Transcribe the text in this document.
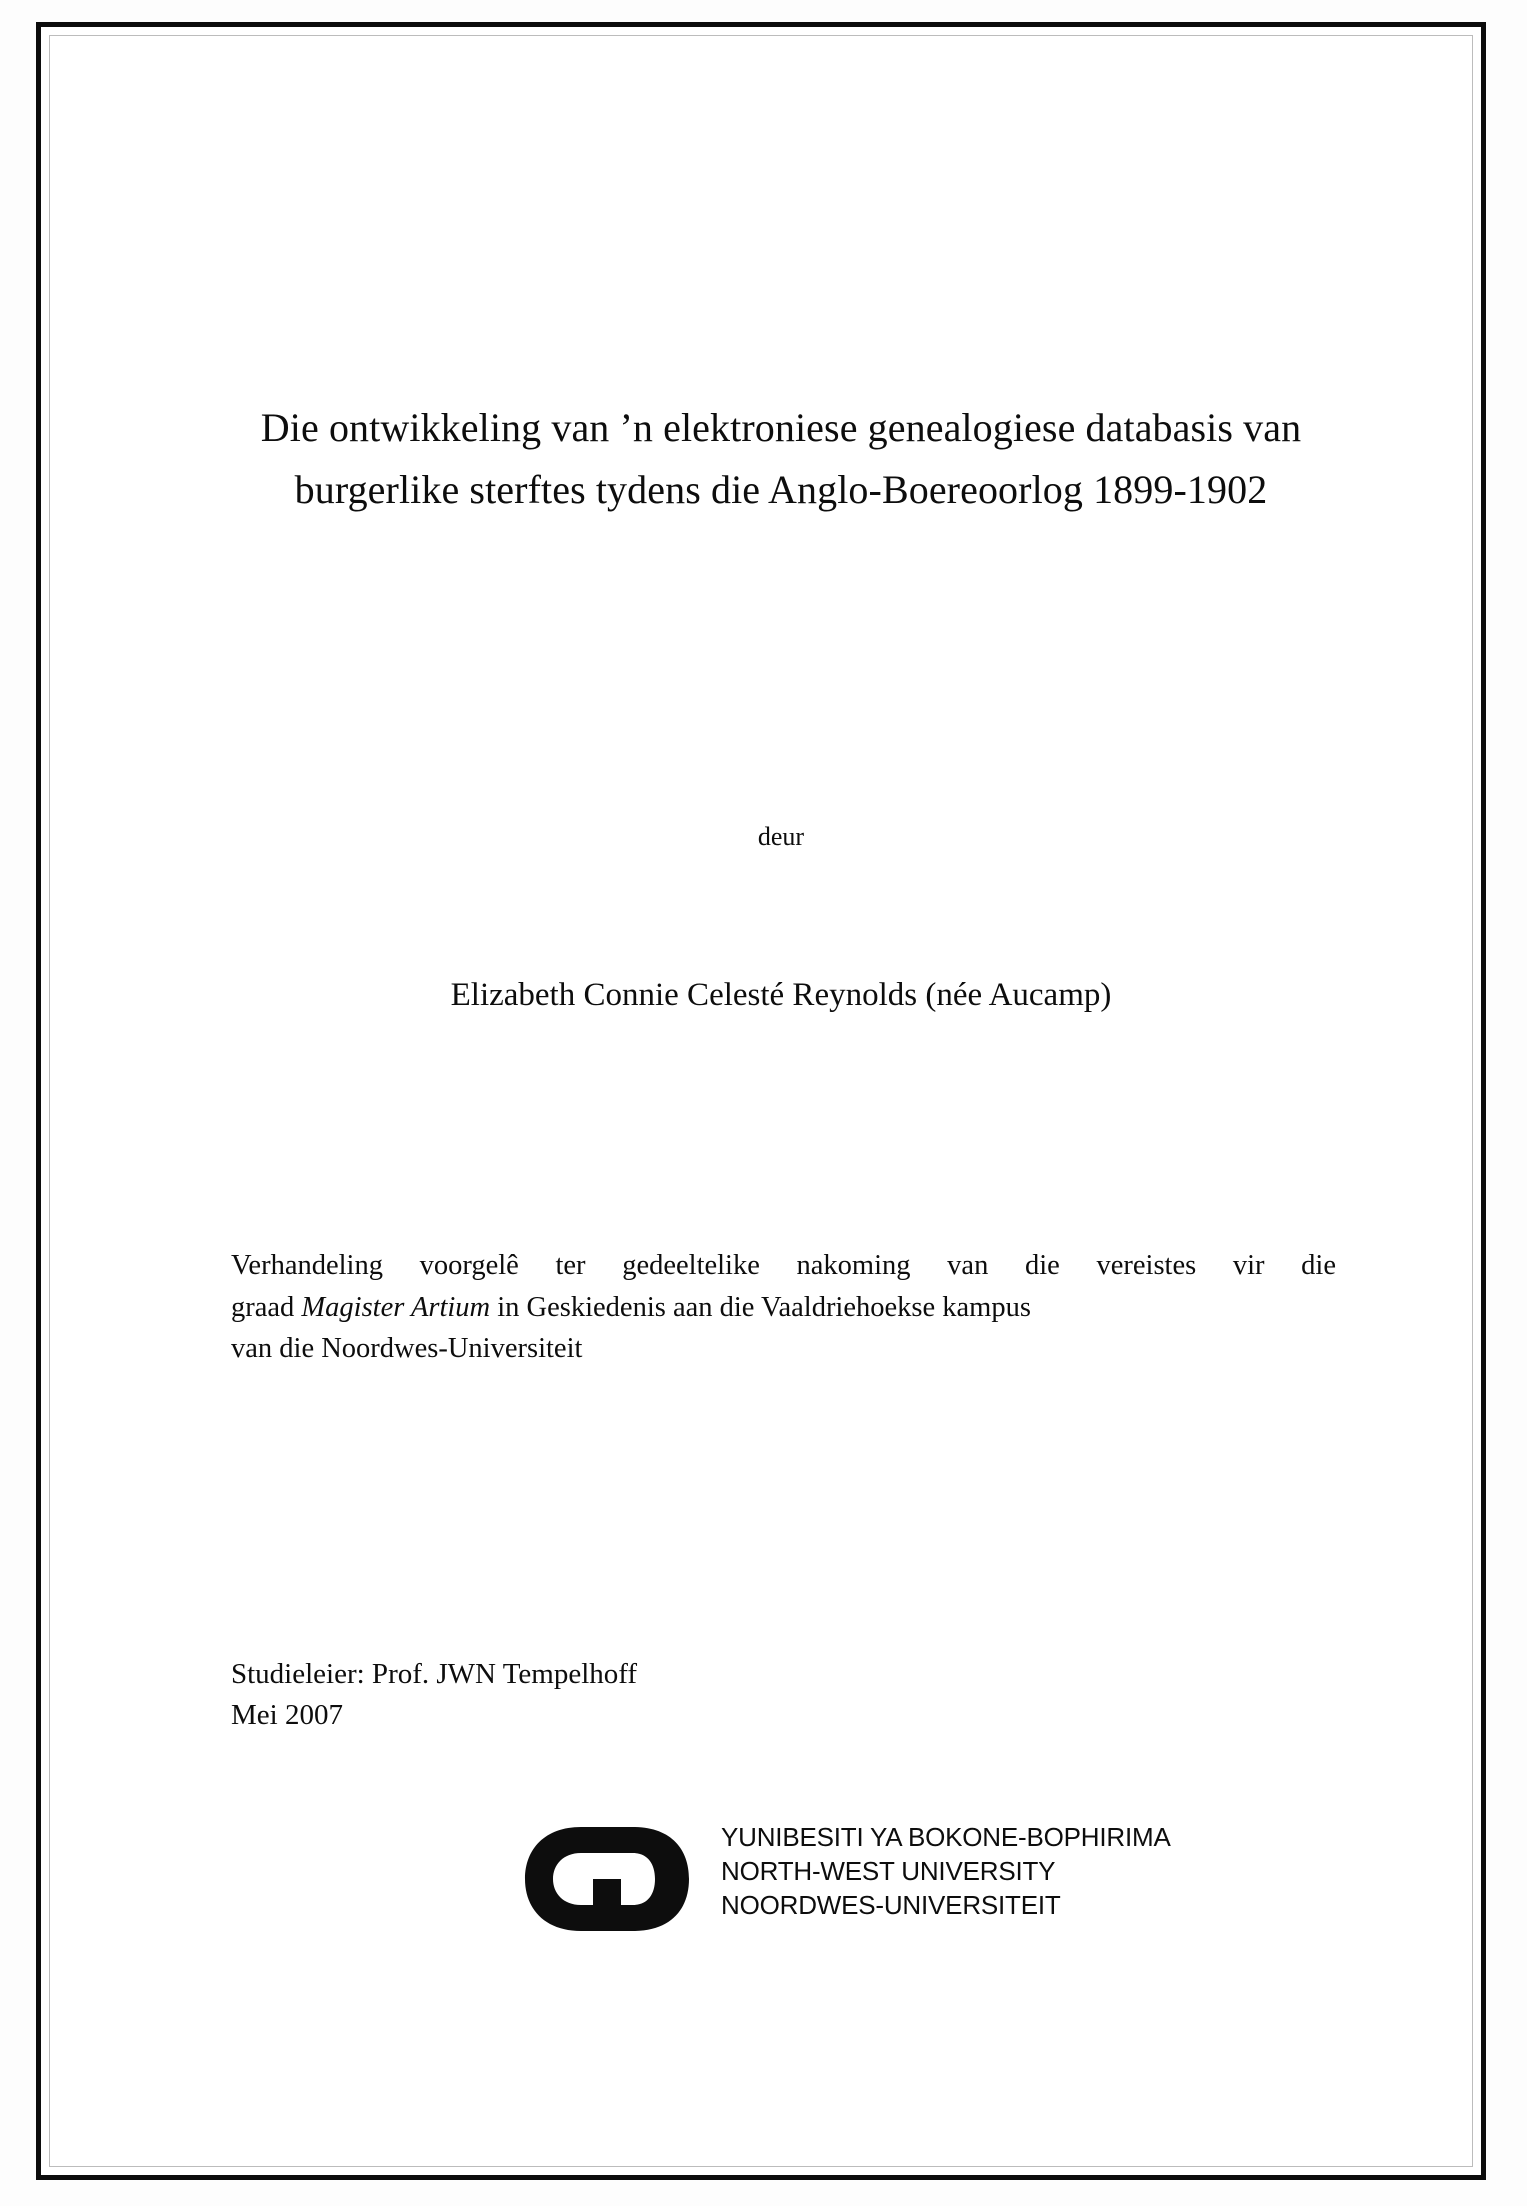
Die ontwikkeling van ’n elektroniese genealogiese databasis van
burgerlike sterftes tydens die Anglo-Boereoorlog 1899-1902
deur
Elizabeth Connie Celesté Reynolds (née Aucamp)

Verhandeling voorgelê ter gedeeltelike nakoming van die vereistes vir die

graad Magister Artium in Geskiedenis aan die Vaaldriehoekse kampus

van die Noordwes-Universiteit

Studieleier: Prof. JWN Tempelhoff

Mei 2007

YUNIBESITI YA BOKONE-BOPHIRIMA
NORTH-WEST UNIVERSITY
NOORDWES-UNIVERSITEIT
